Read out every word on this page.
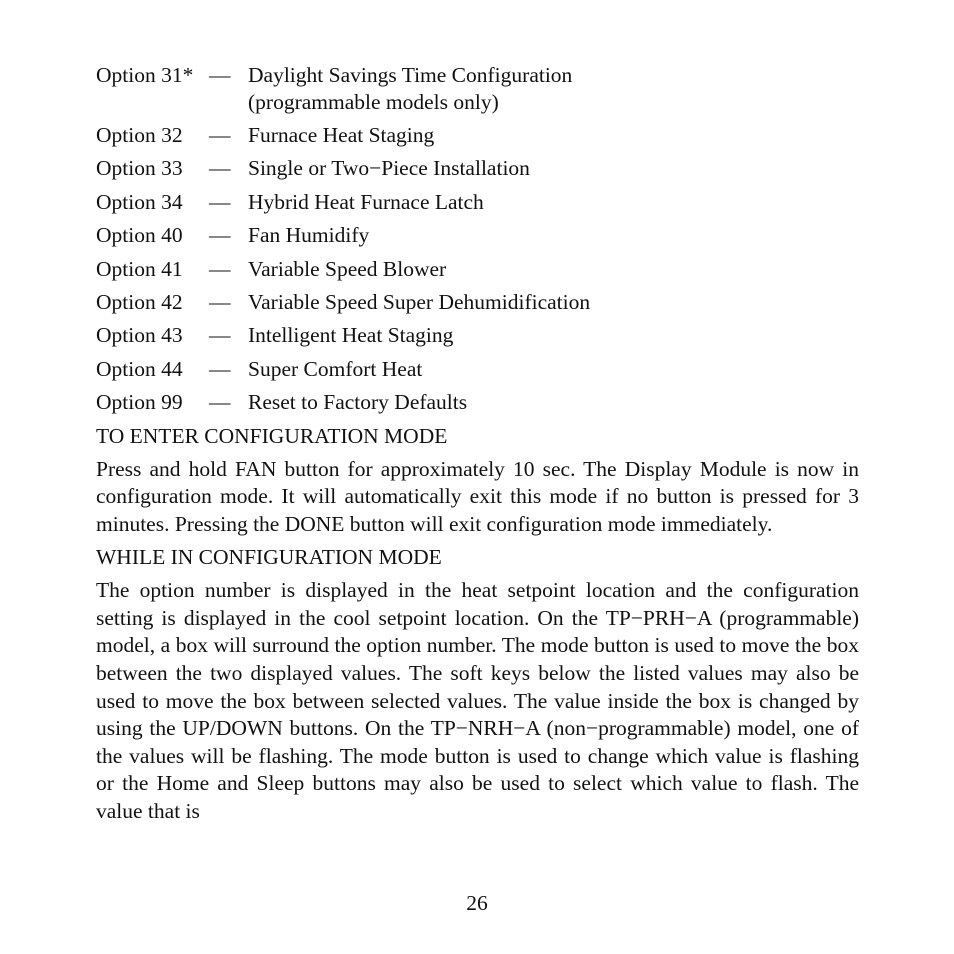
Option 31* — Daylight Savings Time Configuration
(programmable models only)
Option 32	— Furnace Heat Staging
Option 33	— Single or Two−Piece Installation
Option 34	— Hybrid Heat Furnace Latch
Option 40	— Fan Humidify
Option 41	— Variable Speed Blower
Option 42	— Variable Speed Super Dehumidification
Option 43	— Intelligent Heat Staging
Option 44	— Super Comfort Heat
Option 99	— Reset to Factory Defaults
TO ENTER CONFIGURATION MODE

Press and hold FAN button for approximately 10 sec. The Display Module is now in configuration mode. It will automatically exit this mode if no button is pressed for 3 minutes. Pressing the DONE button will exit configuration mode immediately.

WHILE IN CONFIGURATION MODE

The option number is displayed in the heat setpoint location and the configuration setting is displayed in the cool setpoint location. On the TP−PRH−A (programmable) model, a box will surround the option number. The mode button is used to move the box between the two displayed values. The soft keys below the listed values may also be used to move the box between selected values. The value inside the box is changed by using the UP/DOWN buttons. On the TP−NRH−A (non−programmable) model, one of the values will be flashing. The mode button is used to change which value is flashing or the Home and Sleep buttons may also be used to select which value to flash. The value that is

26
